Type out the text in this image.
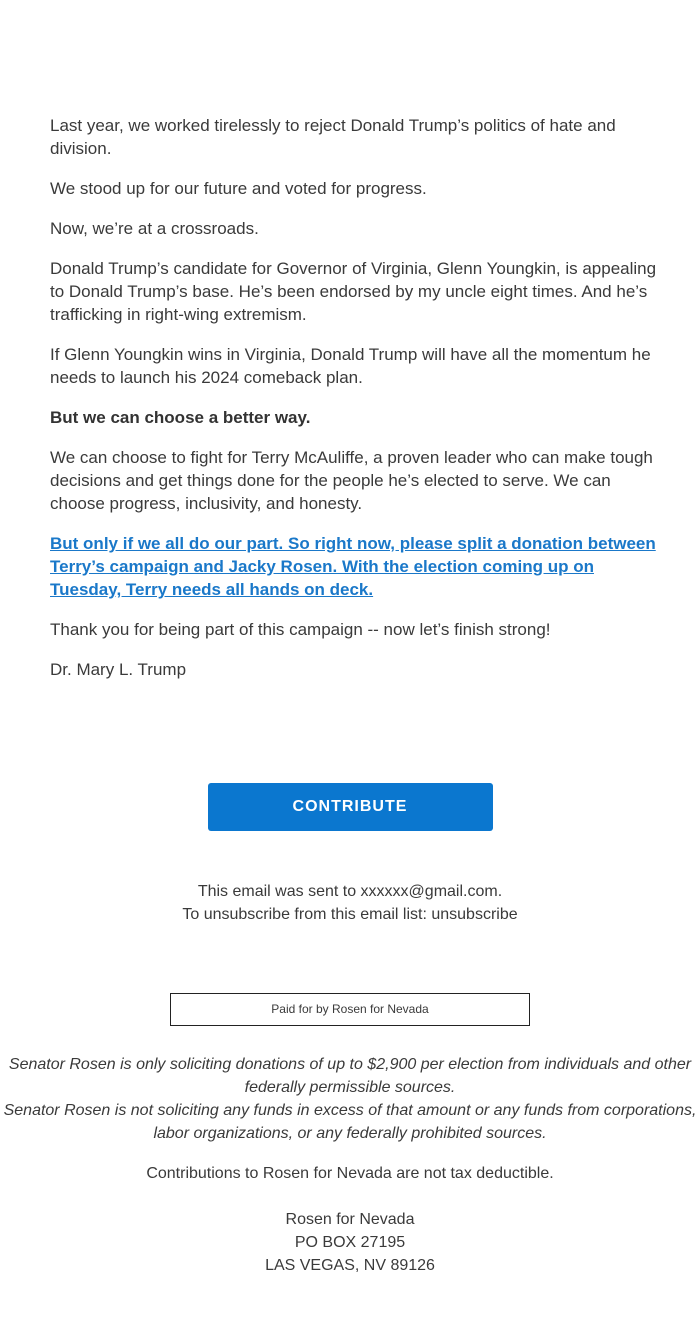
Last year, we worked tirelessly to reject Donald Trump’s politics of hate and division.

We stood up for our future and voted for progress.

Now, we’re at a crossroads.

Donald Trump’s candidate for Governor of Virginia, Glenn Youngkin, is appealing to Donald Trump’s base. He’s been endorsed by my uncle eight times. And he’s trafficking in right-wing extremism.

If Glenn Youngkin wins in Virginia, Donald Trump will have all the momentum he needs to launch his 2024 comeback plan.

But we can choose a better way.

We can choose to fight for Terry McAuliffe, a proven leader who can make tough decisions and get things done for the people he’s elected to serve. We can choose progress, inclusivity, and honesty.

But only if we all do our part. So right now, please split a donation between Terry’s campaign and Jacky Rosen. With the election coming up on Tuesday, Terry needs all hands on deck.

Thank you for being part of this campaign -- now let’s finish strong!

Dr. Mary L. Trump

CONTRIBUTE
This email was sent to xxxxxx@gmail.com.
To unsubscribe from this email list: unsubscribe
Paid for by Rosen for Nevada

Senator Rosen is only soliciting donations of up to $2,900 per election from individuals and other federally permissible sources.

Senator Rosen is not soliciting any funds in excess of that amount or any funds from corporations, labor organizations, or any federally prohibited sources.

Contributions to Rosen for Nevada are not tax deductible.
Rosen for Nevada
PO BOX 27195
LAS VEGAS, NV 89126
